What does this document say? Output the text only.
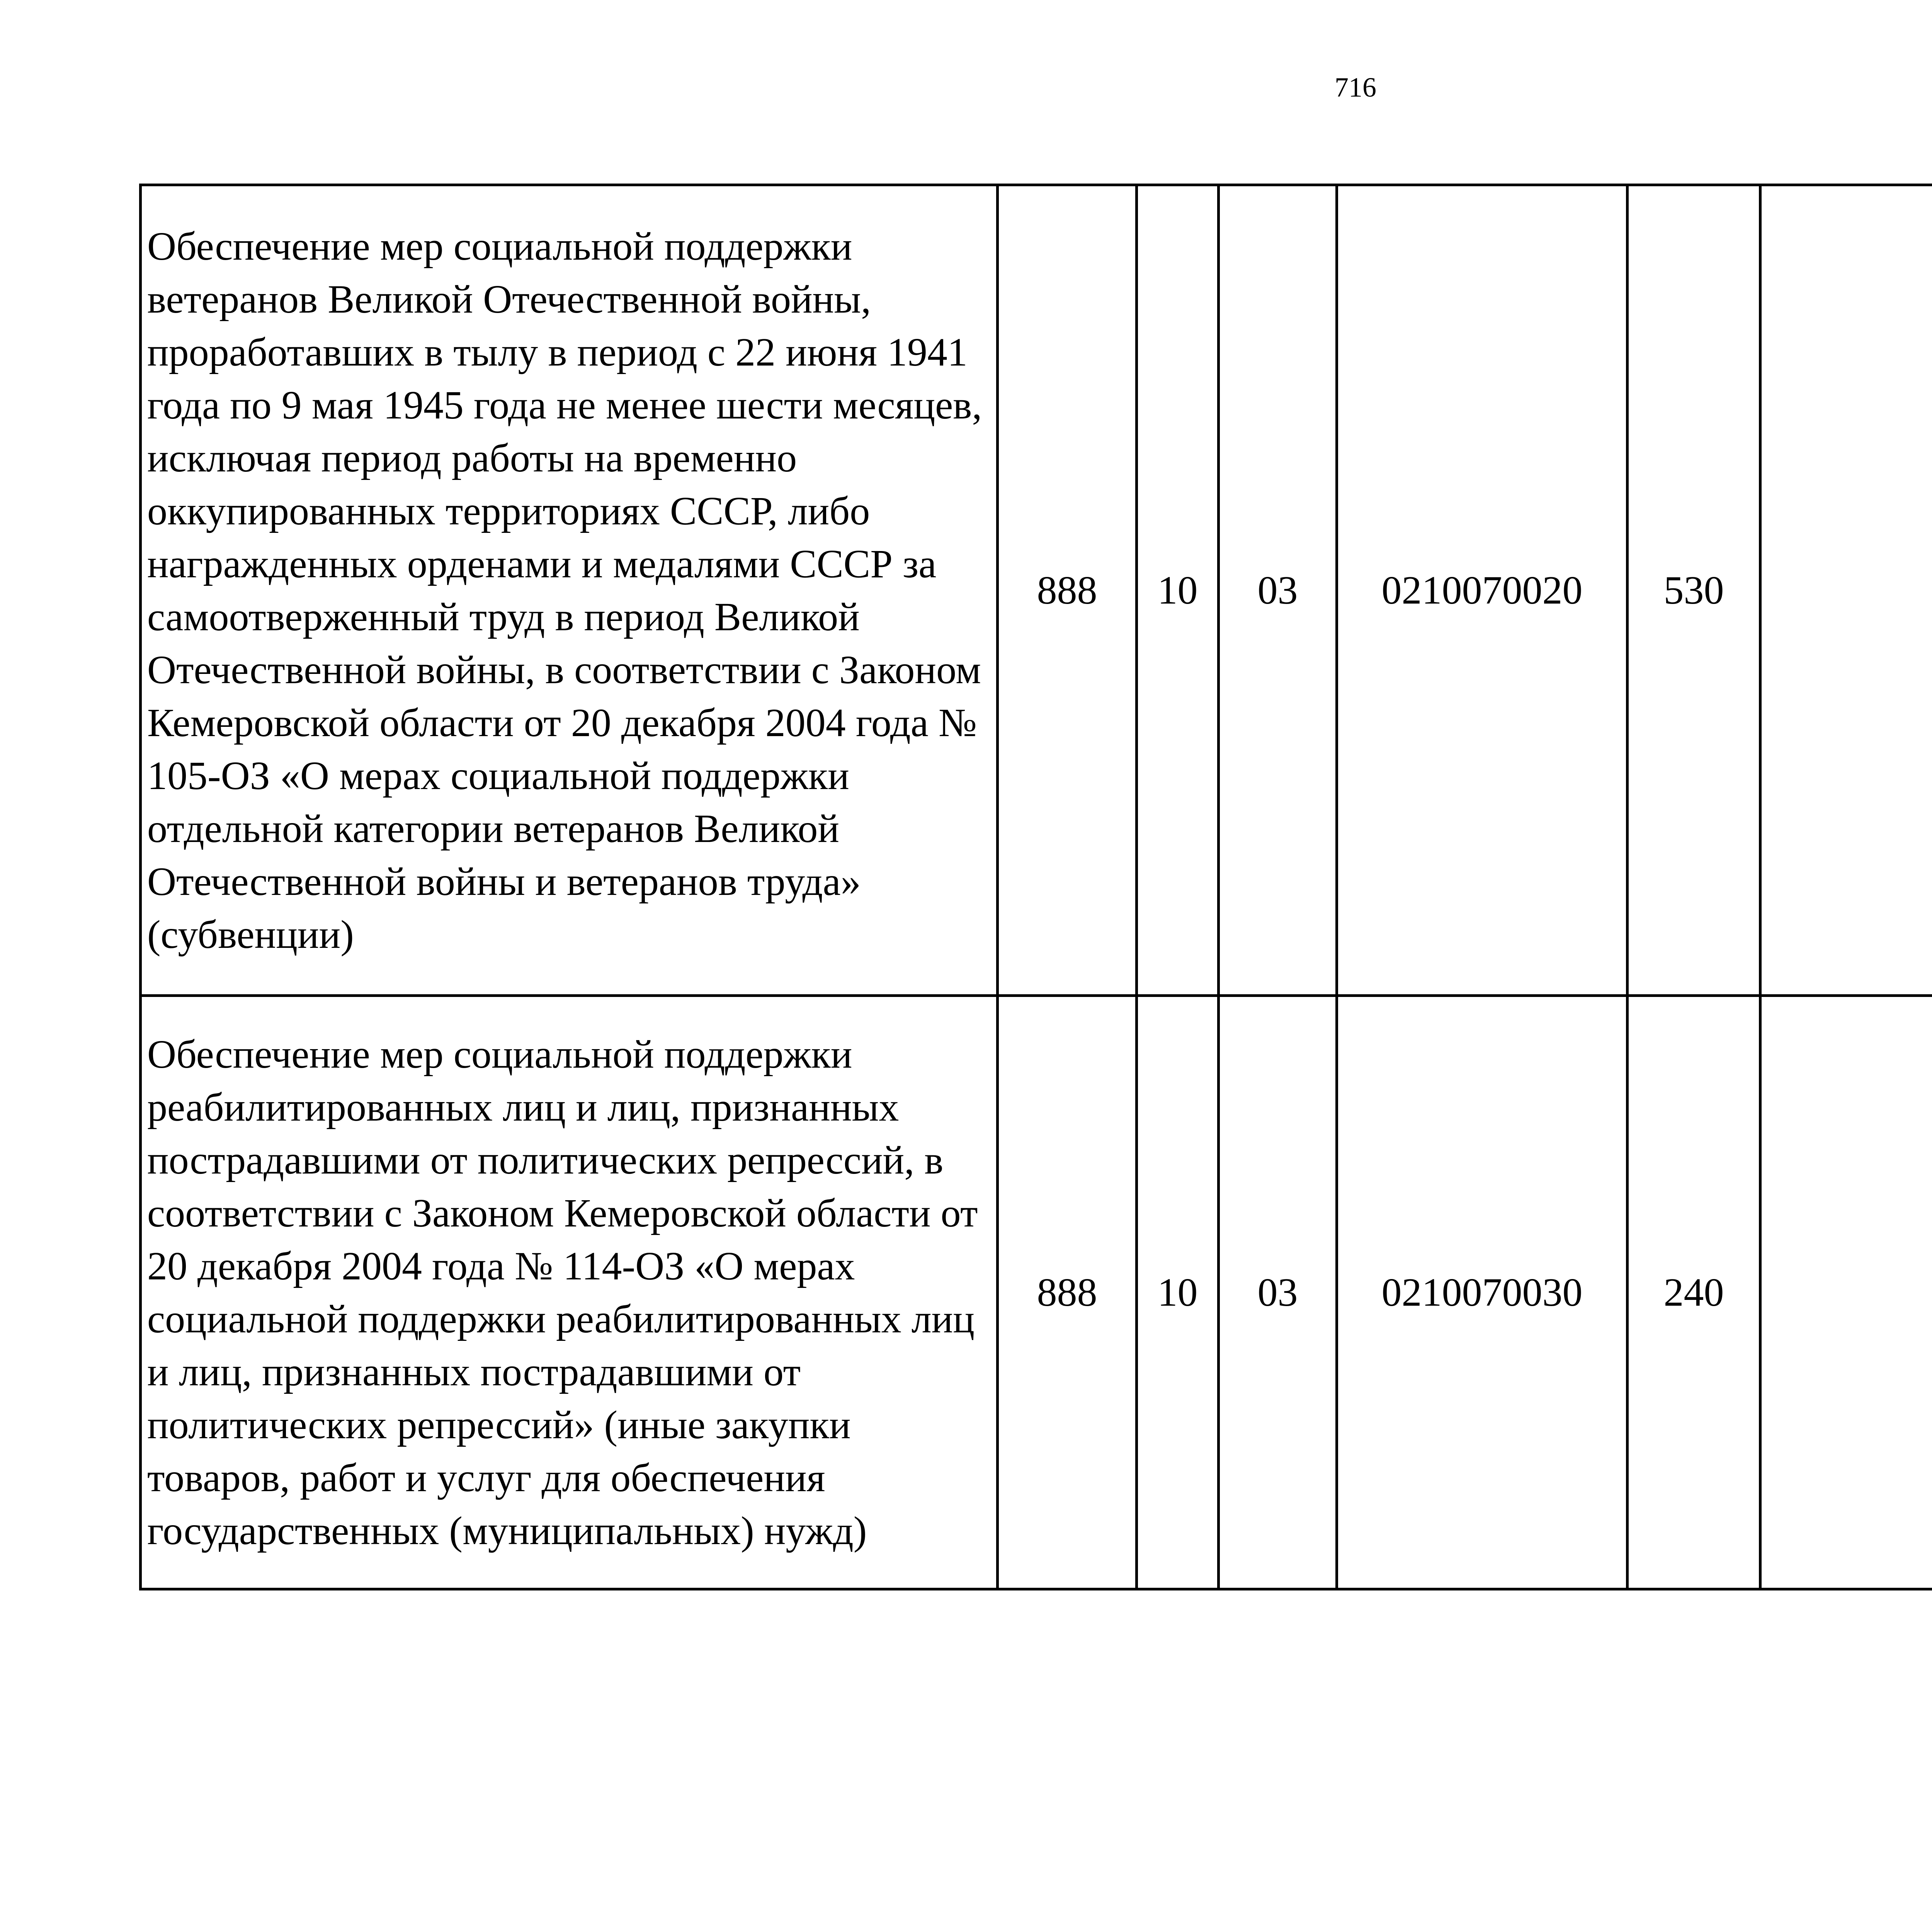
716
Обеспечение мер социальной поддержки ветеранов Великой Отечественной войны, проработавших в тылу в период с 22 июня 1941 года по 9 мая 1945 года не менее шести месяцев, исключая период работы на временно оккупированных территориях СССР, либо награжденных орденами и медалями СССР за самоотверженный труд в период Великой Отечественной войны, в соответствии с Законом Кемеровской области от 20 декабря 2004 года № 105-ОЗ «О мерах социальной поддержки отдельной категории ветеранов Великой Отечественной войны и ветеранов труда» (субвенции)	888	10	03	0210070020	530			
Обеспечение мер социальной поддержки реабилитированных лиц и лиц, признанных пострадавшими от политических репрессий, в соответствии с Законом Кемеровской области от 20 декабря 2004 года № 114-ОЗ «О мерах социальной поддержки реабилитированных лиц и лиц, признанных пострадавшими от политических репрессий» (иные закупки товаров, работ и услуг для обеспечения государственных (муниципальных) нужд)	888	10	03	0210070030	240			
